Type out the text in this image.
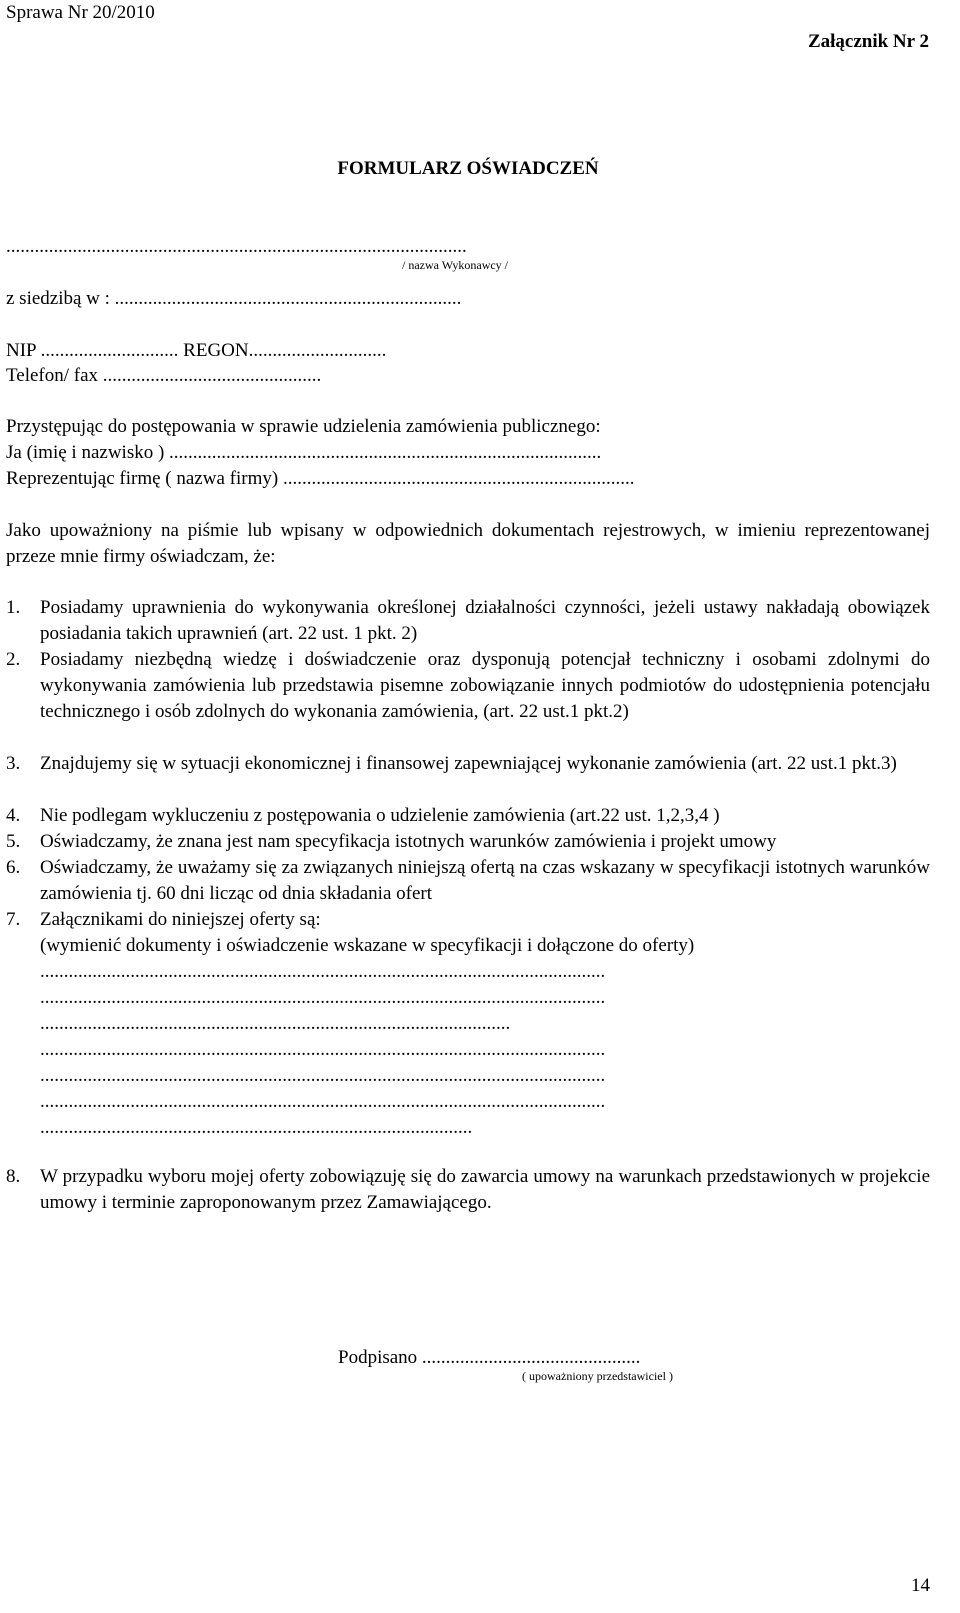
Sprawa Nr 20/2010
Załącznik Nr 2
FORMULARZ OŚWIADCZEŃ
.................................................................................................
/ nazwa Wykonawcy /
z siedzibą w : .........................................................................
NIP ............................. REGON.............................
Telefon/ fax ..............................................
Przystępując do postępowania w sprawie udzielenia zamówienia publicznego:
Ja (imię i nazwisko ) ...........................................................................................
Reprezentując firmę ( nazwa firmy) ..........................................................................
Jako upoważniony na piśmie lub wpisany w odpowiednich dokumentach rejestrowych, w imieniu reprezentowanej przeze mnie firmy oświadczam, że:
1. Posiadamy uprawnienia do wykonywania określonej działalności czynności, jeżeli ustawy nakładają obowiązek posiadania takich uprawnień (art. 22 ust. 1 pkt. 2)
2. Posiadamy niezbędną wiedzę i doświadczenie oraz dysponują potencjał techniczny i osobami zdolnymi do wykonywania zamówienia lub przedstawia pisemne zobowiązanie innych podmiotów do udostępnienia potencjału technicznego i osób zdolnych do wykonania zamówienia, (art. 22 ust.1 pkt.2)
3. Znajdujemy się w sytuacji ekonomicznej i finansowej zapewniającej wykonanie zamówienia (art. 22 ust.1 pkt.3)
4. Nie podlegam wykluczeniu z postępowania o udzielenie zamówienia (art.22 ust. 1,2,3,4 )
5. Oświadczamy, że znana jest nam specyfikacja istotnych warunków zamówienia i projekt umowy
6. Oświadczamy, że uważamy się za związanych niniejszą ofertą na czas wskazany w specyfikacji istotnych warunków zamówienia tj. 60 dni licząc od dnia składania ofert
7. Załącznikami do niniejszej oferty są:
(wymienić dokumenty i oświadczenie wskazane w specyfikacji i dołączone do oferty)
.......................................................................................................................
.......................................................................................................................
...................................................................................................
.......................................................................................................................
.......................................................................................................................
.......................................................................................................................
...........................................................................................
8. W przypadku wyboru mojej oferty zobowiązuję się do zawarcia umowy na warunkach przedstawionych w projekcie umowy i terminie zaproponowanym przez Zamawiającego.
Podpisano ..............................................
( upoważniony przedstawiciel )
14
